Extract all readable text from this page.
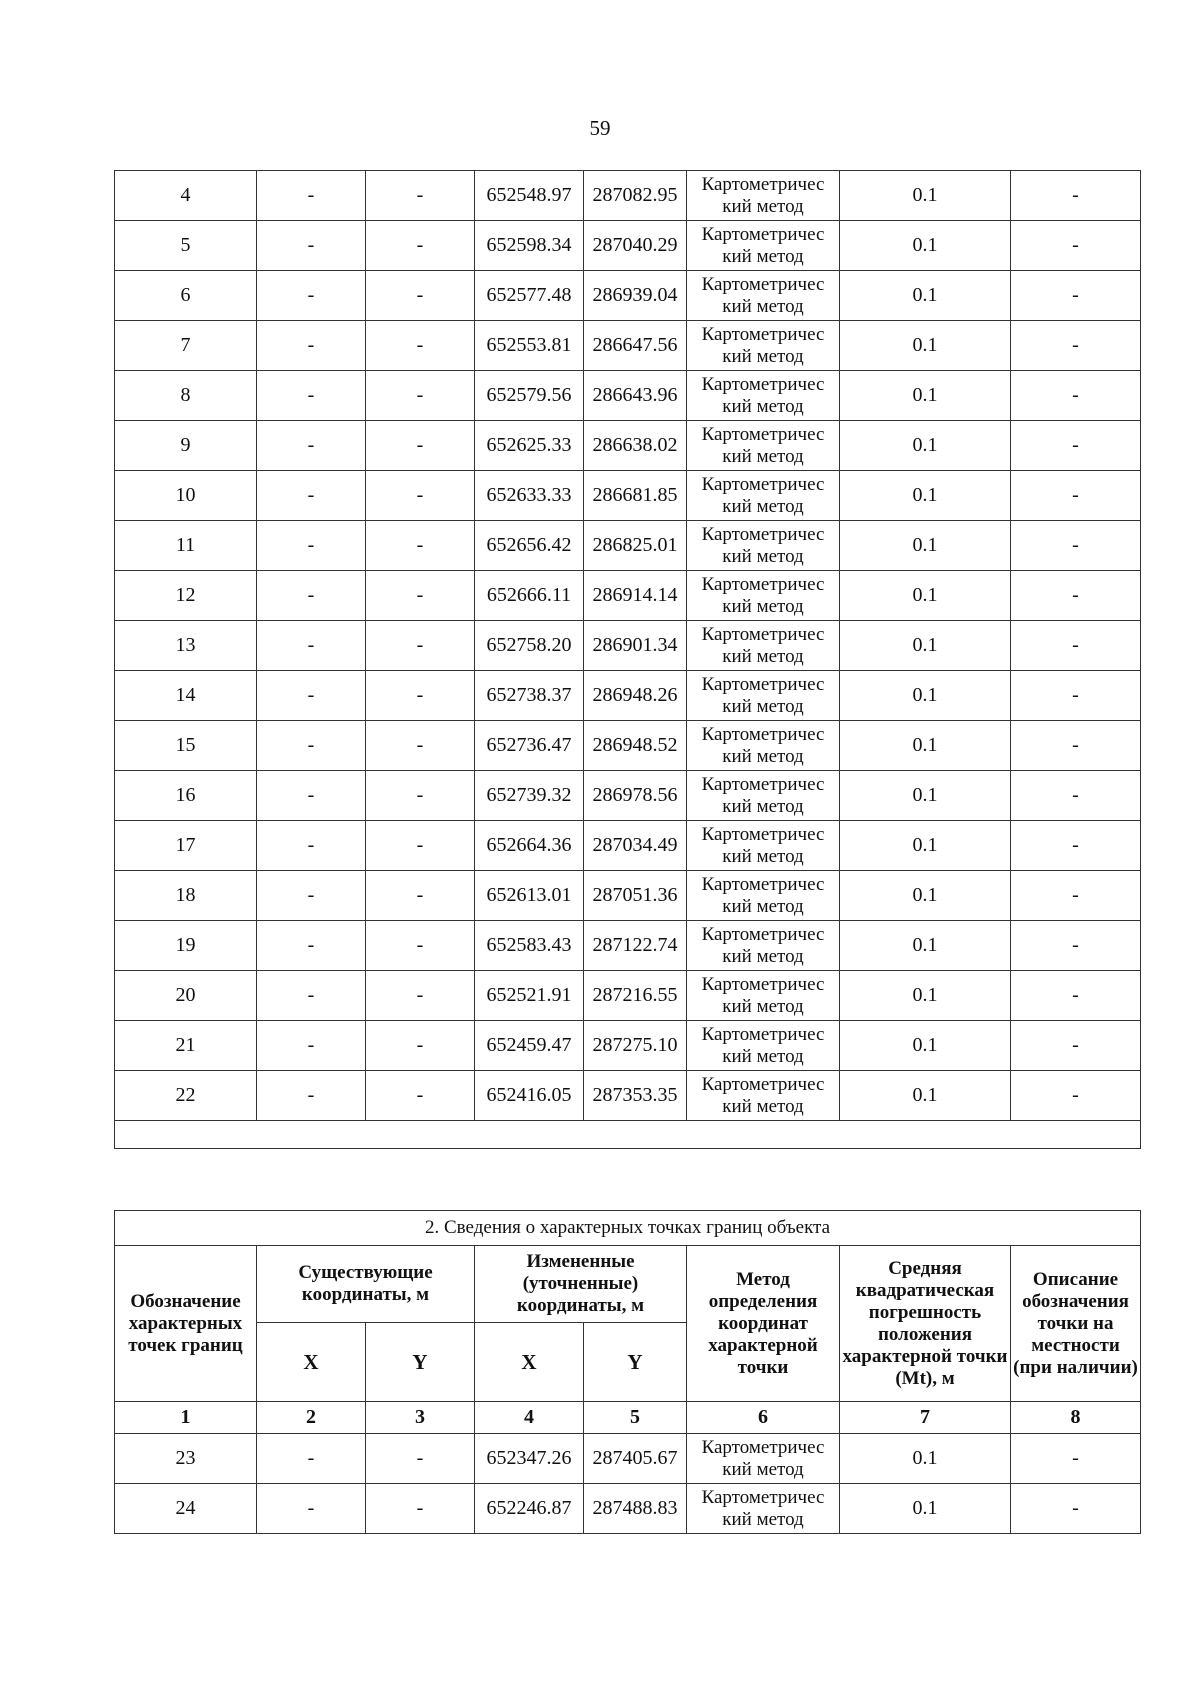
59
4	-	-	652548.97	287082.95	Картометричес
кий метод	0.1	-
5	-	-	652598.34	287040.29	Картометричес
кий метод	0.1	-
6	-	-	652577.48	286939.04	Картометричес
кий метод	0.1	-
7	-	-	652553.81	286647.56	Картометричес
кий метод	0.1	-
8	-	-	652579.56	286643.96	Картометричес
кий метод	0.1	-
9	-	-	652625.33	286638.02	Картометричес
кий метод	0.1	-
10	-	-	652633.33	286681.85	Картометричес
кий метод	0.1	-
11	-	-	652656.42	286825.01	Картометричес
кий метод	0.1	-
12	-	-	652666.11	286914.14	Картометричес
кий метод	0.1	-
13	-	-	652758.20	286901.34	Картометричес
кий метод	0.1	-
14	-	-	652738.37	286948.26	Картометричес
кий метод	0.1	-
15	-	-	652736.47	286948.52	Картометричес
кий метод	0.1	-
16	-	-	652739.32	286978.56	Картометричес
кий метод	0.1	-
17	-	-	652664.36	287034.49	Картометричес
кий метод	0.1	-
18	-	-	652613.01	287051.36	Картометричес
кий метод	0.1	-
19	-	-	652583.43	287122.74	Картометричес
кий метод	0.1	-
20	-	-	652521.91	287216.55	Картометричес
кий метод	0.1	-
21	-	-	652459.47	287275.10	Картометричес
кий метод	0.1	-
22	-	-	652416.05	287353.35	Картометричес
кий метод	0.1	-

2. Сведения о характерных точках границ объекта							
Обозначение характерных точек границ	Существующие координаты, м		Измененные (уточненные) координаты, м		Метод определения координат характерной точки	Средняя квадратическая погрешность положения характерной точки (Mt), м	Описание обозначения точки на местности (при наличии)
	X	Y	X	Y			
1	2	3	4	5	6	7	8
23	-	-	652347.26	287405.67	Картометричес
кий метод	0.1	-
24	-	-	652246.87	287488.83	Картометричес
кий метод	0.1	-
